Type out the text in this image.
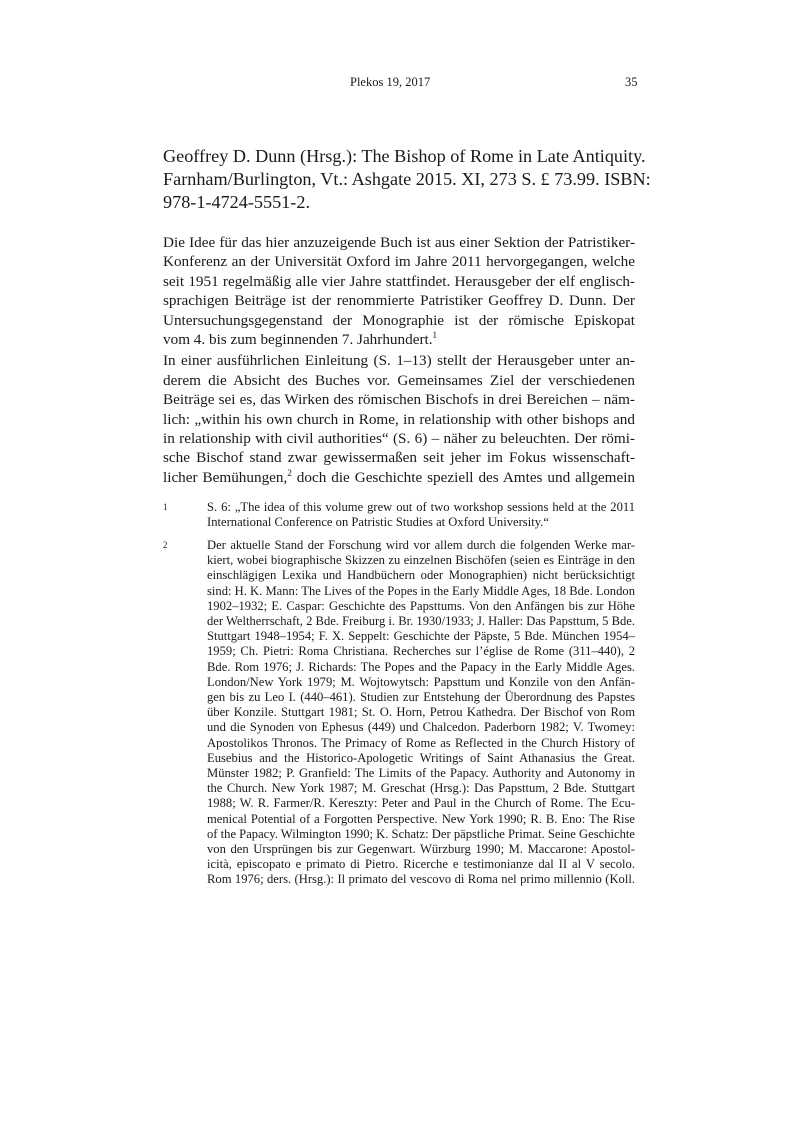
Plekos 19, 2017	35
Geoffrey D. Dunn (Hrsg.): The Bishop of Rome in Late Antiquity.
Farnham/Burlington, Vt.: Ashgate 2015. XI, 273 S. £ 73.99. ISBN:
978-1-4724-5551-2.
Die Idee für das hier anzuzeigende Buch ist aus einer Sektion der Patristiker-
Konferenz an der Universität Oxford im Jahre 2011 hervorgegangen, welche
seit 1951 regelmäßig alle vier Jahre stattfindet. Herausgeber der elf englisch-
sprachigen Beiträge ist der renommierte Patristiker Geoffrey D. Dunn. Der
Untersuchungsgegenstand der Monographie ist der römische Episkopat
vom 4. bis zum beginnenden 7. Jahrhundert.$^1$
In einer ausführlichen Einleitung (S. 1–13) stellt der Herausgeber unter an-
derem die Absicht des Buches vor. Gemeinsames Ziel der verschiedenen
Beiträge sei es, das Wirken des römischen Bischofs in drei Bereichen – näm-
lich: „within his own church in Rome, in relationship with other bishops and
in relationship with civil authorities“ (S. 6) – näher zu beleuchten. Der römi-
sche Bischof stand zwar gewissermaßen seit jeher im Fokus wissenschaft-
licher Bemühungen,$^2$ doch die Geschichte speziell des Amtes und allgemein
1	S. 6: „The idea of this volume grew out of two workshop sessions held at the 2011
International Conference on Patristic Studies at Oxford University.“
2	Der aktuelle Stand der Forschung wird vor allem durch die folgenden Werke mar-
kiert, wobei biographische Skizzen zu einzelnen Bischöfen (seien es Einträge in den
einschlägigen Lexika und Handbüchern oder Monographien) nicht berücksichtigt
sind: H. K. Mann: The Lives of the Popes in the Early Middle Ages, 18 Bde. London
1902–1932; E. Caspar: Geschichte des Papsttums. Von den Anfängen bis zur Höhe
der Weltherrschaft, 2 Bde. Freiburg i. Br. 1930/1933; J. Haller: Das Papsttum, 5 Bde.
Stuttgart 1948–1954; F. X. Seppelt: Geschichte der Päpste, 5 Bde. München 1954–
1959; Ch. Pietri: Roma Christiana. Recherches sur l’église de Rome (311–440), 2
Bde. Rom 1976; J. Richards: The Popes and the Papacy in the Early Middle Ages.
London/New York 1979; M. Wojtowytsch: Papsttum und Konzile von den Anfän-
gen bis zu Leo I. (440–461). Studien zur Entstehung der Überordnung des Papstes
über Konzile. Stuttgart 1981; St. O. Horn, Petrou Kathedra. Der Bischof von Rom
und die Synoden von Ephesus (449) und Chalcedon. Paderborn 1982; V. Twomey:
Apostolikos Thronos. The Primacy of Rome as Reflected in the Church History of
Eusebius and the Historico-Apologetic Writings of Saint Athanasius the Great.
Münster 1982; P. Granfield: The Limits of the Papacy. Authority and Autonomy in
the Church. New York 1987; M. Greschat (Hrsg.): Das Papsttum, 2 Bde. Stuttgart
1988; W. R. Farmer/R. Kereszty: Peter and Paul in the Church of Rome. The Ecu-
menical Potential of a Forgotten Perspective. New York 1990; R. B. Eno: The Rise
of the Papacy. Wilmington 1990; K. Schatz: Der päpstliche Primat. Seine Geschichte
von den Ursprüngen bis zur Gegenwart. Würzburg 1990; M. Maccarone: Apostol-
icità, episcopato e primato di Pietro. Ricerche e testimonianze dal II al V secolo.
Rom 1976; ders. (Hrsg.): Il primato del vescovo di Roma nel primo millennio (Koll.
